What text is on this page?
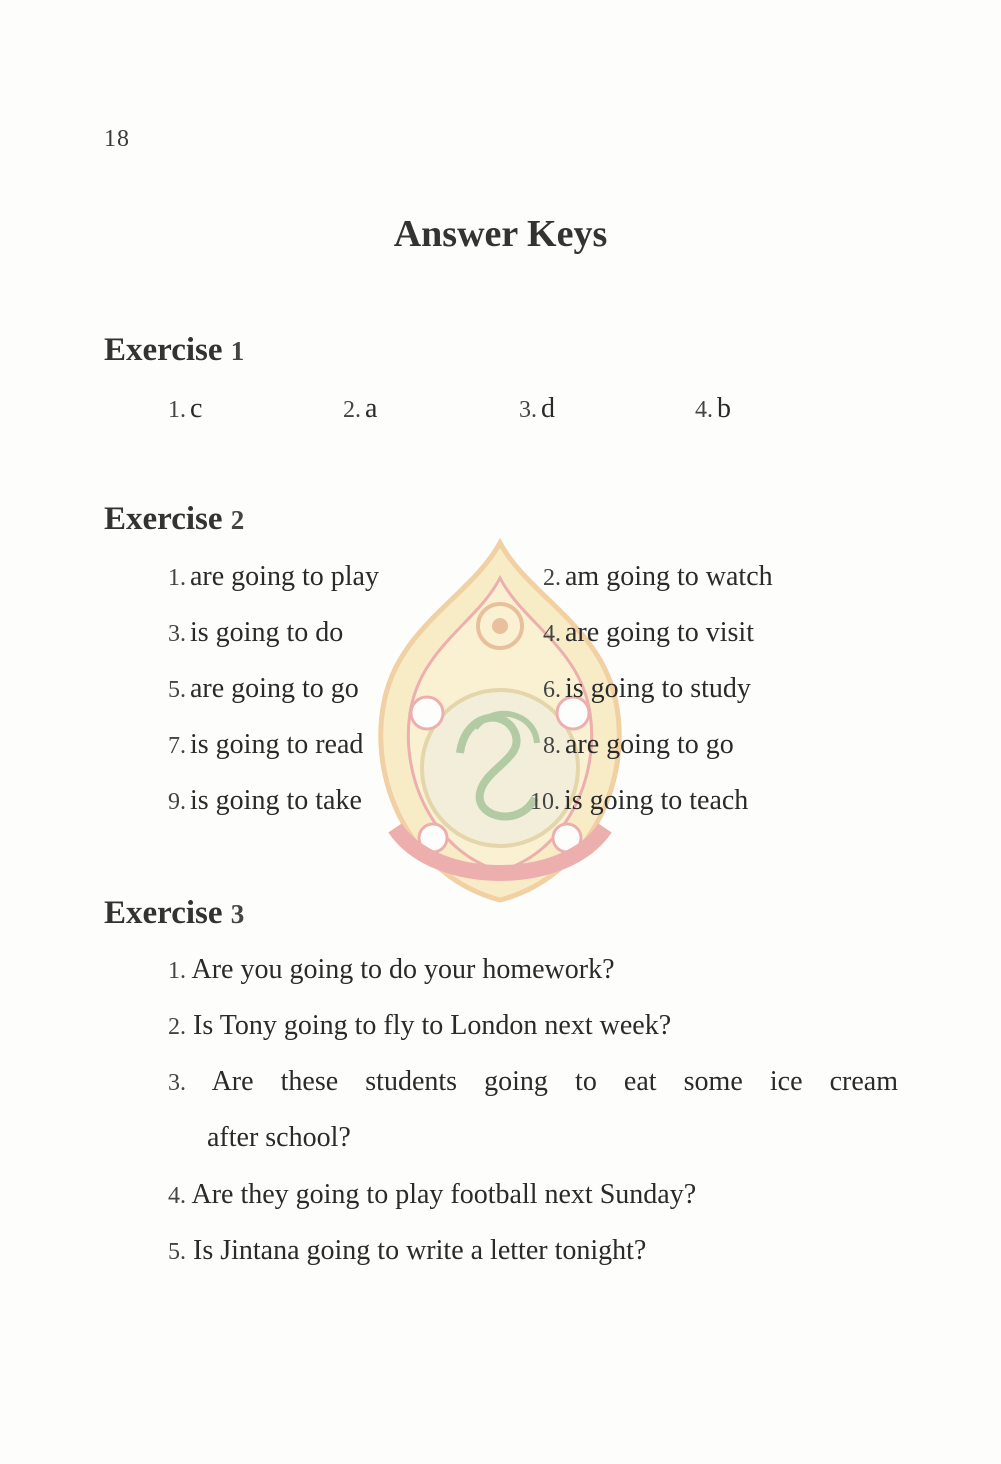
18
Answer Keys
Exercise 1
1. c	2. a	3. d	4. b
Exercise 2
1. are going to play	2. am going to watch
3. is going to do	4. are going to visit
5. are going to go	6. is going to study
7. is going to read	8. are going to go
9. is going to take	10. is going to teach
Exercise 3
1. Are you going to do your homework?
2. Is Tony going to fly to London next week?
3. Are these students going to eat some ice cream
after school?
4. Are they going to play football next Sunday?
5. Is Jintana going to write a letter tonight?
